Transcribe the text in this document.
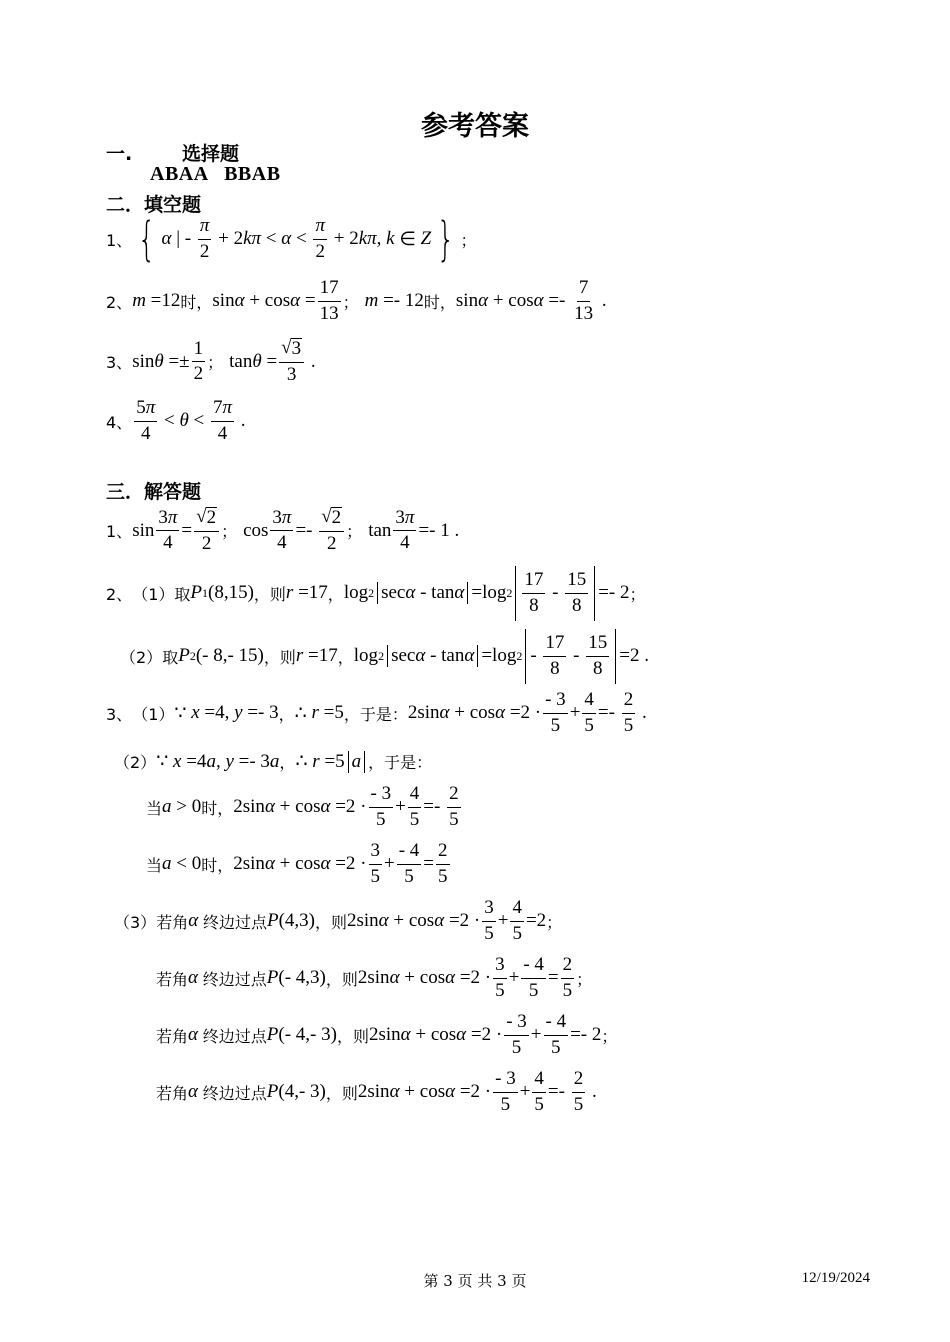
参考答案
一.	选择题
ABAA   BBAB
二．填空题
1、 { α | - $\frac{\pi}{2} + 2$ $k\pi < \alpha < \frac{\pi}{2} + 2$ kπ , k ∈ Z } ；
2、 m =12 时， $\sin \alpha + \cos \alpha = \frac{17}{13}$ ； m =- 12 时， $\sin \alpha + \cos \alpha =- \frac{7}{13}$ .
3、 $\sin \theta =\pm \frac{1}{2}$ ； $\tan \theta = \frac{√ 3}{3}$ .
4、 $\frac{5\pi}{4} < \theta < \frac{7\pi}{4}$ .
三．解答题
1、 $\sin \frac{3\pi}{4} = \frac{√ 2}{2}$ ； $\cos \frac{3\pi}{4} =- \frac{√ 2}{2}$ ； $\tan \frac{3\pi}{4} =- 1$ .
2、 （1） 取 P 1 (8,15) ，则 r =17 ， log 2 sec α - tan α =log $2 \frac{17}{8} - \frac{15}{8} =- 2$ ；
（2） 取 P 2 (- 8,- 15) ，则 r =17 ， log 2 sec α - tan α =log $2 - \frac{17}{8} - \frac{15}{8} =2$ .
3、 （1） ∵ x =4, y =- 3 ， ∴ r =5 ，于是： 2sin $\alpha + \cos \alpha =2 \cdot \frac{- 3}{5} + \frac{4}{5} =- \frac{2}{5}$ .
（2） ∵ x =4 a , y =- 3 a ， ∴ r =5 a ，于是：
当 a > 0 时， 2sin $\alpha + \cos \alpha =2 \cdot \frac{- 3}{5} + \frac{4}{5} =- \frac{2}{5}$
当 a < 0 时， 2sin $\alpha + \cos \alpha =2 \cdot \frac{3}{5} + \frac{- 4}{5} = \frac{2}{5}$
（3） 若角 α
终边过点 P (4,3) ，则 2sin $\alpha + \cos \alpha =2 \cdot \frac{3}{5} + \frac{4}{5} =2$ ；
若角 α
终边过点 P (- 4,3) ，则 2sin $\alpha + \cos \alpha =2 \cdot \frac{3}{5} + \frac{- 4}{5} = \frac{2}{5}$ ；
若角 α
终边过点 P (- 4,- 3) ，则 2sin $\alpha + \cos \alpha =2 \cdot \frac{- 3}{5} + \frac{- 4}{5} =- 2$ ；
若角 α
终边过点 P (4,- 3) ，则 2sin $\alpha + \cos \alpha =2 \cdot \frac{- 3}{5} + \frac{4}{5} =- \frac{2}{5}$ .
第 3 页 共 3 页	12/19/2024
